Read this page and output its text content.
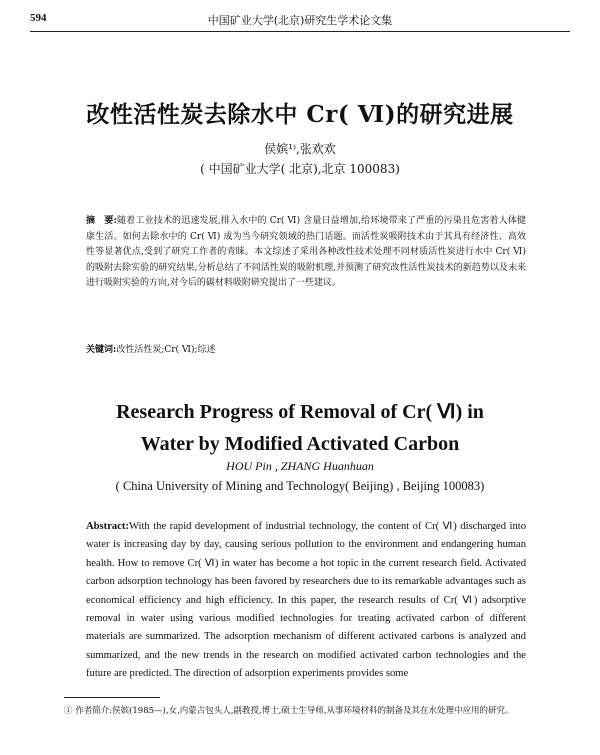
594	中国矿业大学(北京)研究生学术论文集
改性活性炭去除水中 Cr( Ⅵ)的研究进展
侯嫔¹⁾,张欢欢
( 中国矿业大学( 北京),北京 100083)
摘　要:随着工业技术的迅速发展,排入水中的 Cr( Ⅵ) 含量日益增加,给环境带来了严重的污染且危害着人体健康生活。如何去除水中的 Cr( Ⅵ) 成为当今研究领域的热门话题。而活性炭吸附技术由于其具有经济性、高效性等显著优点,受到了研究工作者的青睐。本文综述了采用各种改性技术处理不同材质活性炭进行水中 Cr( Ⅵ)的吸附去除实验的研究结果,分析总结了不同活性炭的吸附机理,并预测了研究改性活性炭技术的新趋势以及未来进行吸附实验的方向,对今后的碳材料吸附研究提出了一些建议。
关键词:改性活性炭;Cr( Ⅵ);综述
Research Progress of Removal of Cr( Ⅵ) in
Water by Modified Activated Carbon
HOU Pin , ZHANG Huanhuan
( China University of Mining and Technology( Beijing) , Beijing 100083)
Abstract:With the rapid development of industrial technology, the content of Cr( Ⅵ) discharged into water is increasing day by day, causing serious pollution to the environment and endangering human health. How to remove Cr( Ⅵ) in water has become a hot topic in the current research field. Activated carbon adsorption technology has been favored by researchers due to its remarkable advantages such as economical efficiency and high efficiency. In this paper, the research results of Cr( Ⅵ) adsorptive removal in water using various modified technologies for treating activated carbon of different materials are summarized. The adsorption mechanism of different activated carbons is analyzed and summarized, and the new trends in the research on modified activated carbon technologies and the future are predicted. The direction of adsorption experiments provides some
① 作者简介:侯嫔(1985—),女,内蒙古包头人,副教授,博士,硕士生导师,从事环境材料的制备及其在水处理中应用的研究。
